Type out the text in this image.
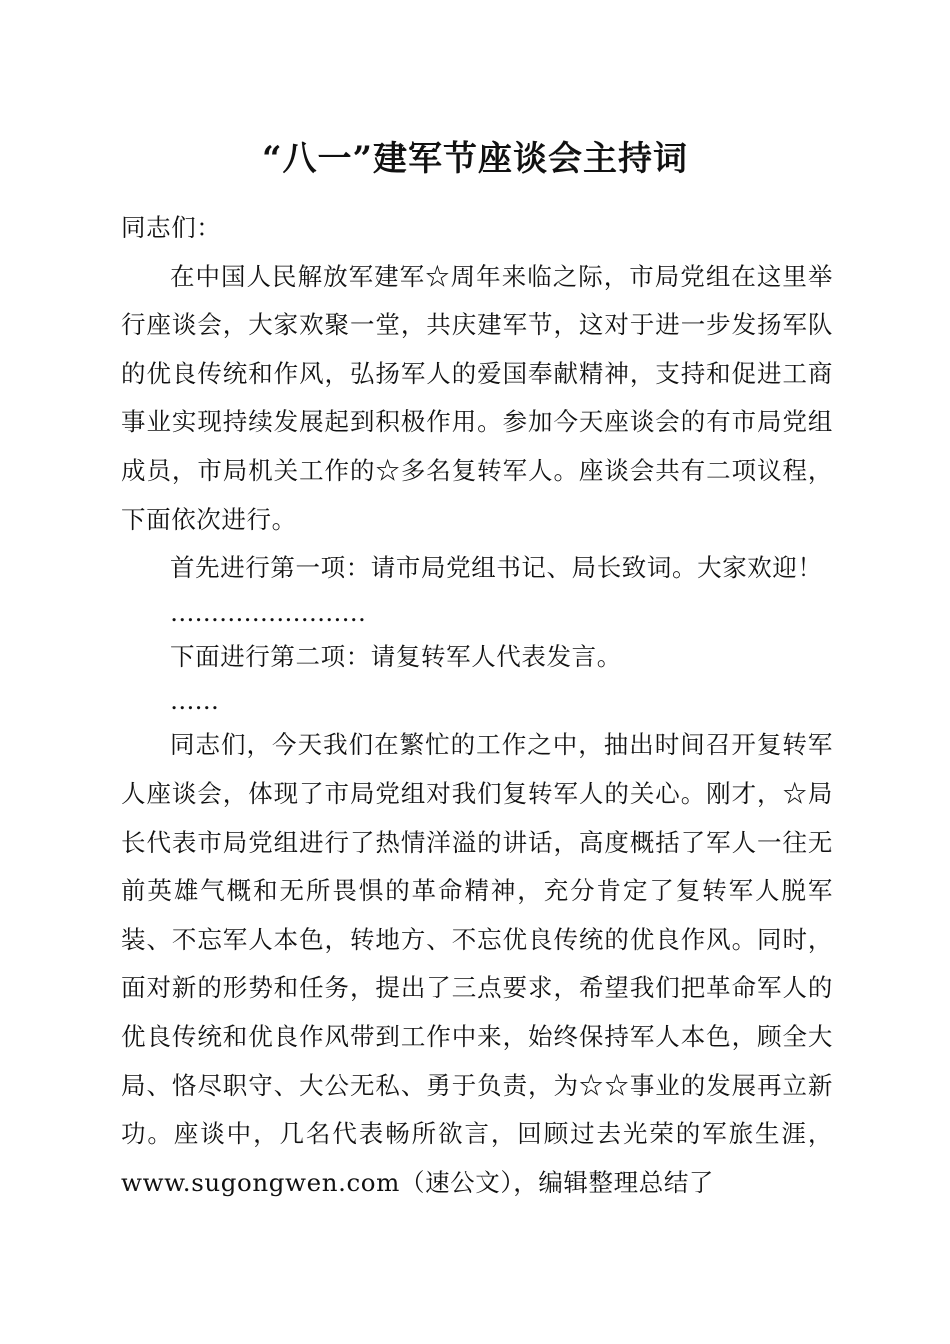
“八一”建军节座谈会主持词

同志们：

在中国人民解放军建军☆周年来临之际，市局党组在这里举行座谈会，大家欢聚一堂，共庆建军节，这对于进一步发扬军队的优良传统和作风，弘扬军人的爱国奉献精神，支持和促进工商事业实现持续发展起到积极作用。参加今天座谈会的有市局党组成员，市局机关工作的☆多名复转军人。座谈会共有二项议程，下面依次进行。

首先进行第一项：请市局党组书记、局长致词。大家欢迎！

……………………

下面进行第二项：请复转军人代表发言。

……

同志们，今天我们在繁忙的工作之中，抽出时间召开复转军人座谈会，体现了市局党组对我们复转军人的关心。刚才，☆局长代表市局党组进行了热情洋溢的讲话，高度概括了军人一往无前英雄气概和无所畏惧的革命精神，充分肯定了复转军人脱军装、不忘军人本色，转地方、不忘优良传统的优良作风。同时，面对新的形势和任务，提出了三点要求，希望我们把革命军人的优良传统和优良作风带到工作中来，始终保持军人本色，顾全大局、恪尽职守、大公无私、勇于负责，为☆☆事业的发展再立新功。座谈中，几名代表畅所欲言，回顾过去光荣的军旅生涯，www.sugongwen.com（速公文），编辑整理总结了
